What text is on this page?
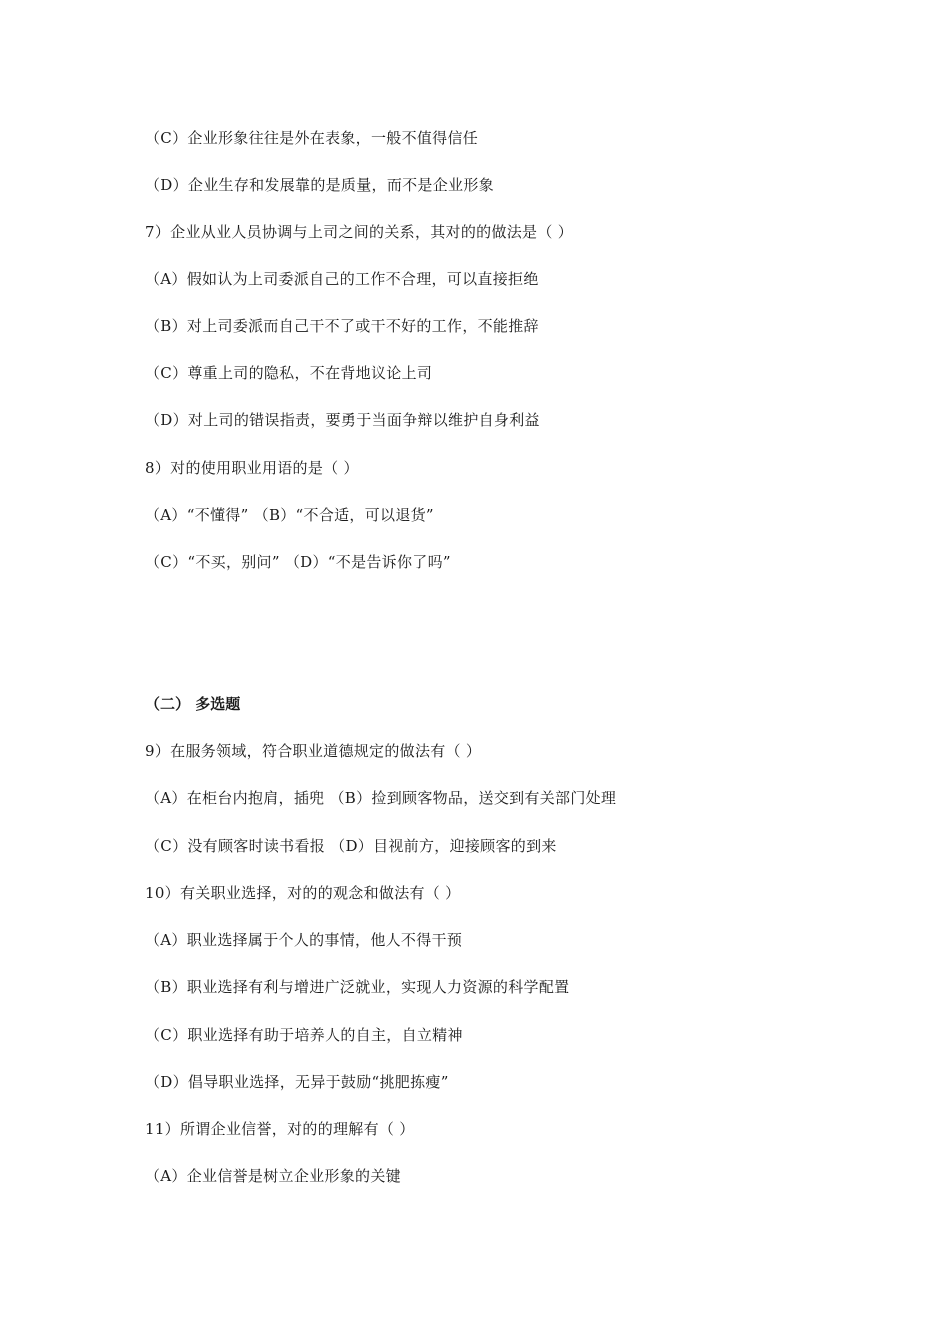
（C）企业形象往往是外在表象，一般不值得信任
（D）企业生存和发展靠的是质量，而不是企业形象
7）企业从业人员协调与上司之间的关系，其对的的做法是（ ）
（A）假如认为上司委派自己的工作不合理，可以直接拒绝
（B）对上司委派而自己干不了或干不好的工作，不能推辞
（C）尊重上司的隐私，不在背地议论上司
（D）对上司的错误指责，要勇于当面争辩以维护自身利益
8）对的使用职业用语的是（ ）
（A）“不懂得” （B）“不合适，可以退货”
（C）“不买，别问” （D）“不是告诉你了吗”
（二） 多选题
9）在服务领域，符合职业道德规定的做法有（ ）
（A）在柜台内抱肩，插兜 （B）捡到顾客物品，送交到有关部门处理
（C）没有顾客时读书看报 （D）目视前方，迎接顾客的到来
10）有关职业选择，对的的观念和做法有（ ）
（A）职业选择属于个人的事情，他人不得干预
（B）职业选择有利与增进广泛就业，实现人力资源的科学配置
（C）职业选择有助于培养人的自主，自立精神
（D）倡导职业选择，无异于鼓励“挑肥拣瘦”
11）所谓企业信誉，对的的理解有（ ）
（A）企业信誉是树立企业形象的关键
